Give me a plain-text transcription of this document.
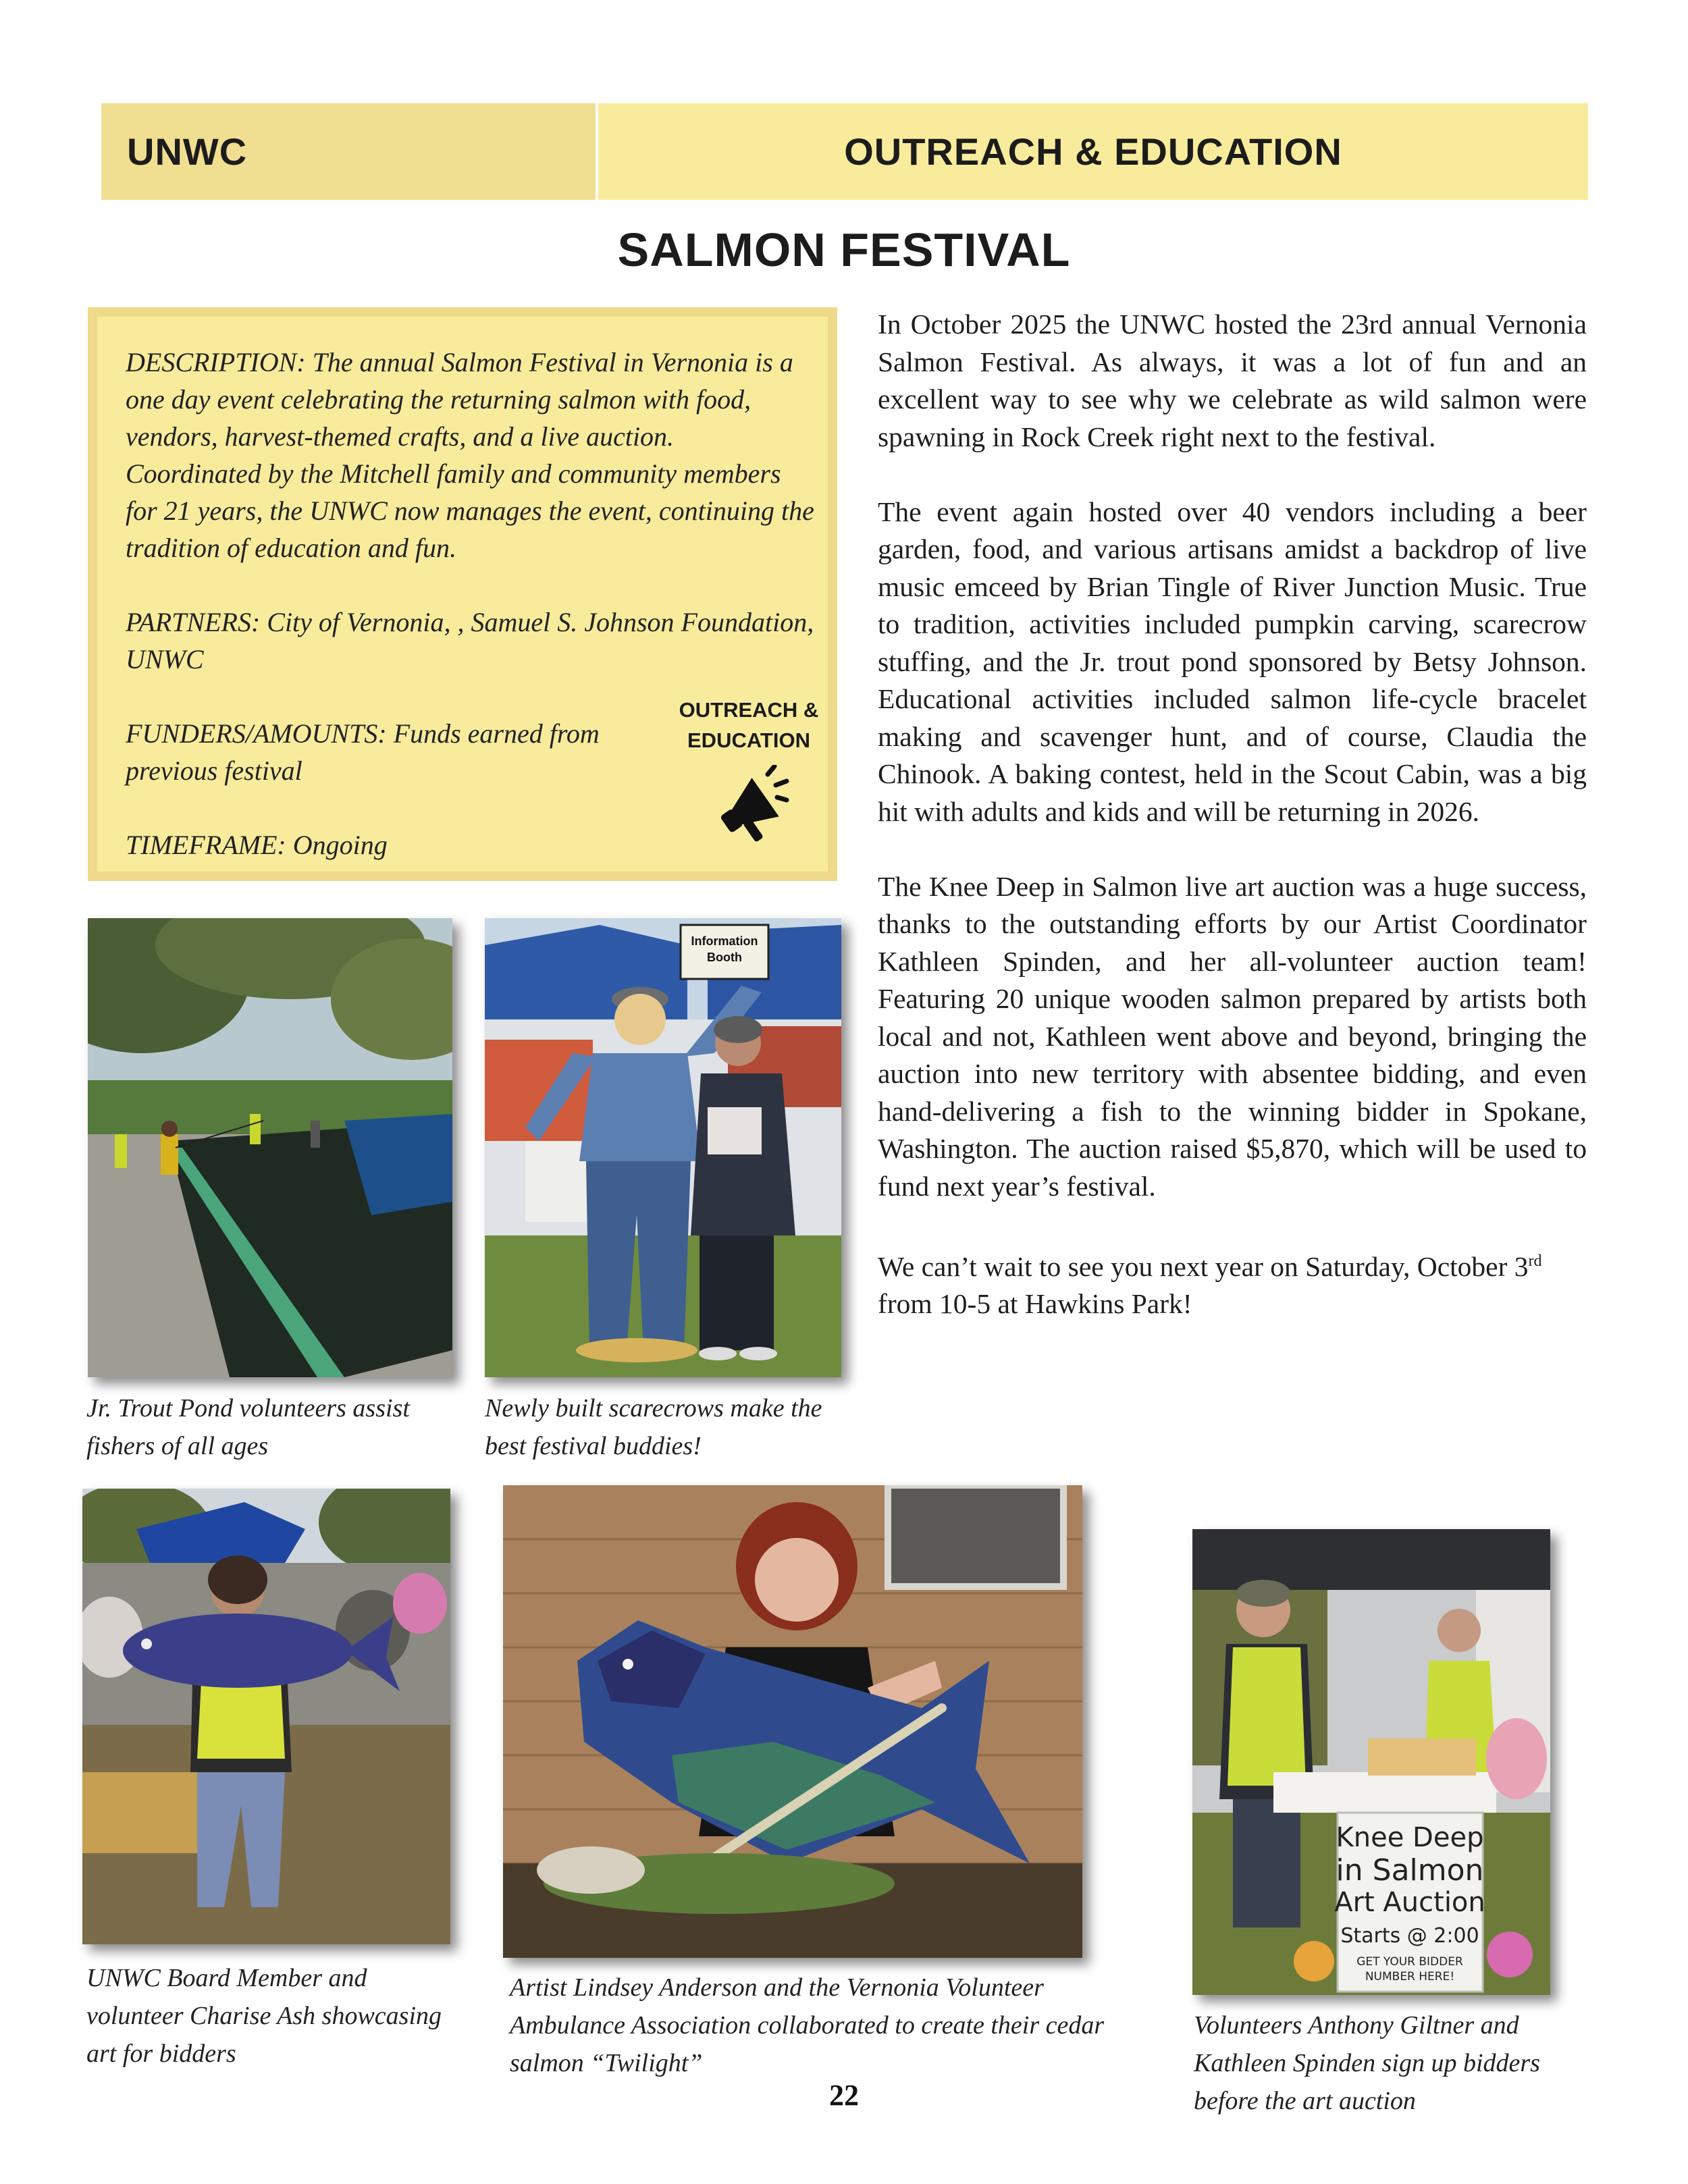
UNWC	OUTREACH & EDUCATION
SALMON FESTIVAL

DESCRIPTION: The annual Salmon Festival in Vernonia is a one day event celebrating the returning salmon with food, vendors, harvest-themed crafts, and a live auction. Coordinated by the Mitchell family and community members for 21 years, the UNWC now manages the event, continuing the tradition of education and fun.

PARTNERS: City of Vernonia, , Samuel S. Johnson Foundation, UNWC

FUNDERS/AMOUNTS: Funds earned from previous festival

TIMEFRAME: Ongoing

OUTREACH &
EDUCATION

In October 2025 the UNWC hosted the 23rd annual Vernonia Salmon Festival. As always, it was a lot of fun and an excellent way to see why we celebrate as wild salmon were spawning in Rock Creek right next to the festival.

The event again hosted over 40 vendors including a beer garden, food, and various artisans amidst a backdrop of live music emceed by Brian Tingle of River Junction Music. True to tradition, activities included pumpkin carving, scarecrow stuffing, and the Jr. trout pond sponsored by Betsy Johnson. Educational activities included salmon life-cycle bracelet making and scavenger hunt, and of course, Claudia the Chinook. A baking contest, held in the Scout Cabin, was a big hit with adults and kids and will be returning in 2026.

The Knee Deep in Salmon live art auction was a huge success, thanks to the outstanding efforts by our Artist Coordinator Kathleen Spinden, and her all-volunteer auction team! Featuring 20 unique wooden salmon prepared by artists both local and not, Kathleen went above and beyond, bringing the auction into new territory with absentee bidding, and even hand-delivering a fish to the winning bidder in Spokane, Washington. The auction raised $5,870, which will be used to fund next year’s festival.

We can’t wait to see you next year on Saturday, October 3rd from 10-5 at Hawkins Park!

Jr. Trout Pond volunteers assist fishers of all ages
Information
Booth
Newly built scarecrows make the best festival buddies!
UNWC Board Member and volunteer Charise Ash showcasing art for bidders
Artist Lindsey Anderson and the Vernonia Volunteer Ambulance Association collaborated to create their cedar salmon “Twilight”
Knee Deep
in Salmon
Art Auction
Starts @ 2:00
GET YOUR BIDDER
NUMBER HERE!
Volunteers Anthony Giltner and Kathleen Spinden sign up bidders before the art auction
22
